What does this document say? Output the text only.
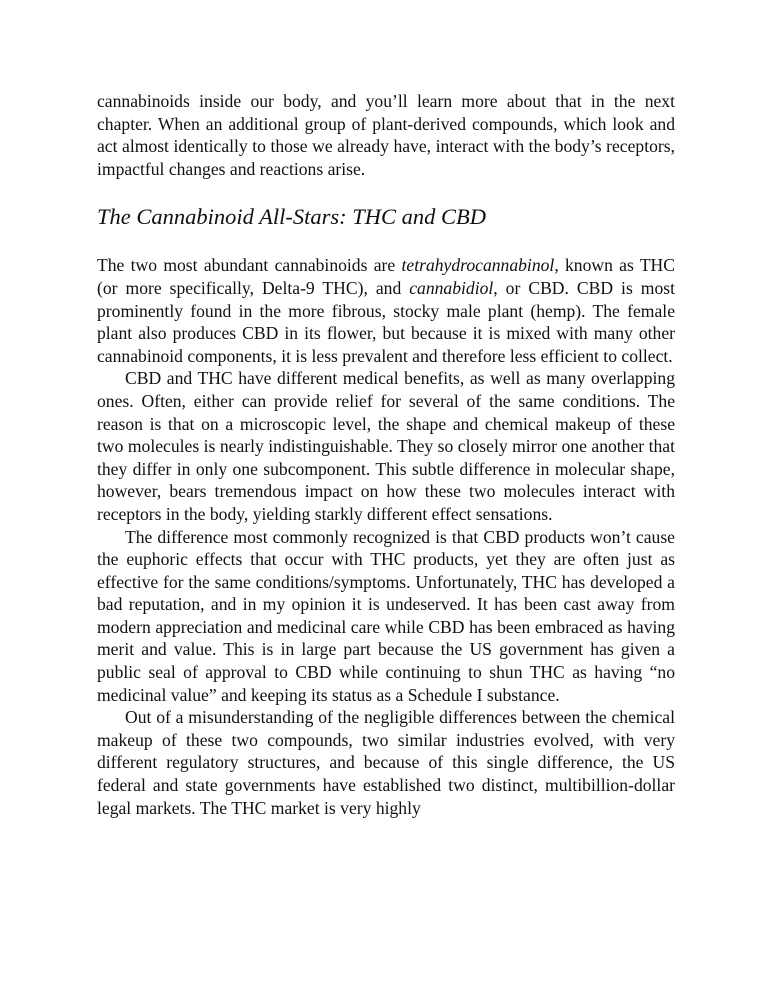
cannabinoids inside our body, and you’ll learn more about that in the next chapter. When an additional group of plant-derived compounds, which look and act almost identically to those we already have, interact with the body’s receptors, impactful changes and reactions arise.

The Cannabinoid All-Stars: THC and CBD

The two most abundant cannabinoids are tetrahydrocannabinol, known as THC (or more specifically, Delta-9 THC), and cannabidiol, or CBD. CBD is most prominently found in the more fibrous, stocky male plant (hemp). The female plant also produces CBD in its flower, but because it is mixed with many other cannabinoid components, it is less prevalent and therefore less efficient to collect.

CBD and THC have different medical benefits, as well as many overlapping ones. Often, either can provide relief for several of the same conditions. The reason is that on a microscopic level, the shape and chemical makeup of these two molecules is nearly indistinguishable. They so closely mirror one another that they differ in only one subcomponent. This subtle difference in molecular shape, however, bears tremendous impact on how these two molecules interact with receptors in the body, yielding starkly different effect sensations.

The difference most commonly recognized is that CBD products won’t cause the euphoric effects that occur with THC products, yet they are often just as effective for the same conditions/symptoms. Unfortunately, THC has developed a bad reputation, and in my opinion it is undeserved. It has been cast away from modern appreciation and medicinal care while CBD has been embraced as having merit and value. This is in large part because the US government has given a public seal of approval to CBD while continuing to shun THC as having “no medicinal value” and keeping its status as a Schedule I substance.

Out of a misunderstanding of the negligible differences between the chemical makeup of these two compounds, two similar industries evolved, with very different regulatory structures, and because of this single difference, the US federal and state governments have established two distinct, multibillion-dollar legal markets. The THC market is very highly
